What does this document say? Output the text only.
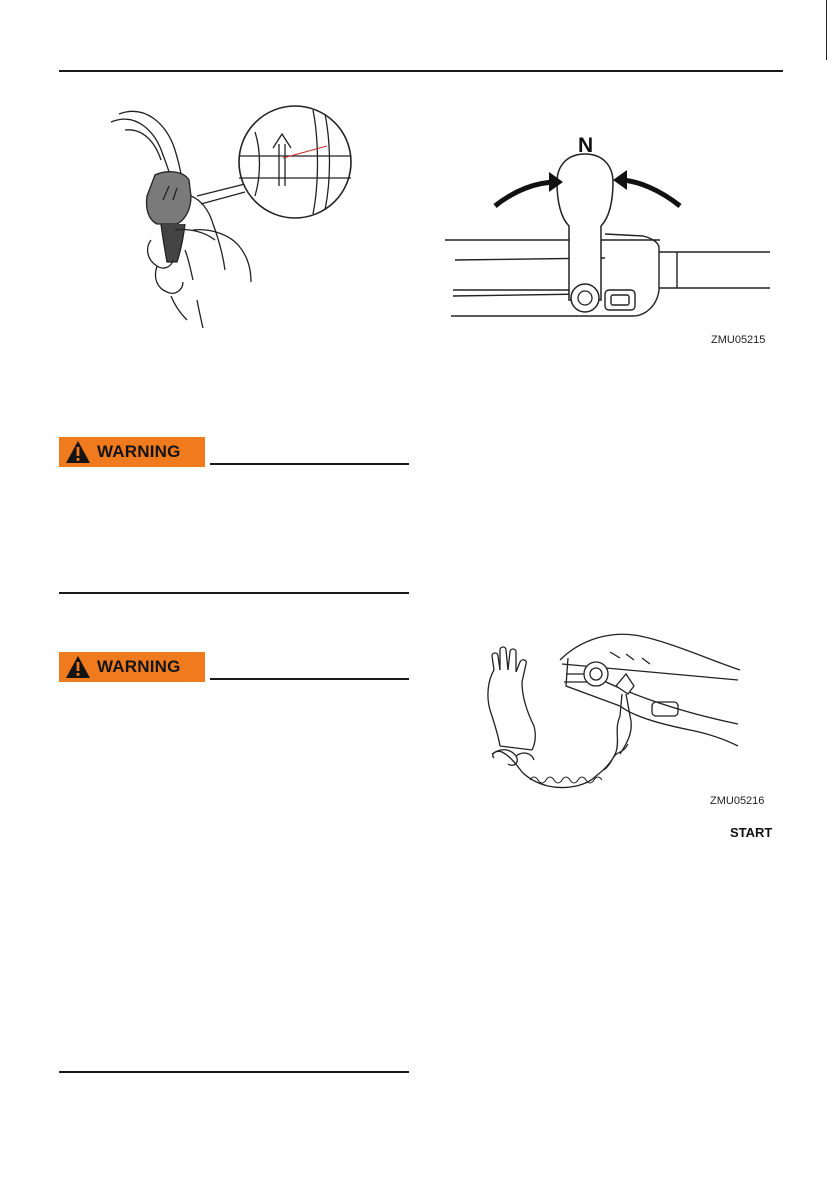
N
ZMU05215
WARNING
WARNING
ZMU05216
START
